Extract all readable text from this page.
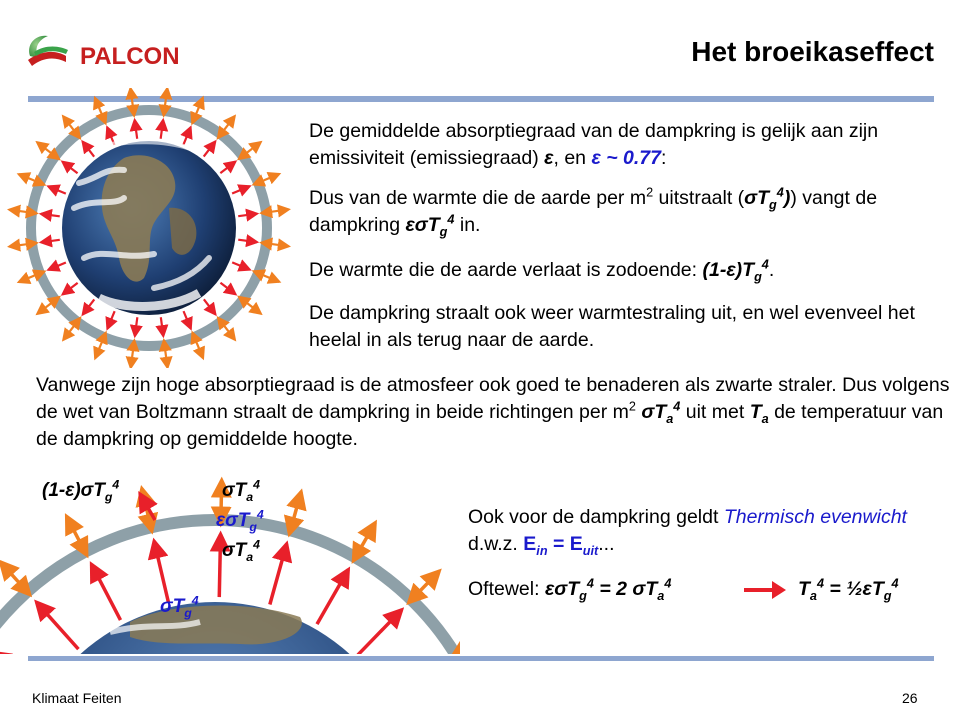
PALCON	Het broeikaseffect
De gemiddelde absorptiegraad van de dampkring is gelijk aan zijn emissiviteit (emissiegraad) ε, en ε ~ 0.77:
Dus van de warmte die de aarde per $m^2$ uitstraalt $(\sigma T_g^4)$) vangt de dampkring εσT$_g^4$ in.
De warmte die de aarde verlaat is zodoende: $(1-\varepsilon)T_g^4$.
De dampkring straalt ook weer warmtestraling uit, en wel evenveel het heelal in als terug naar de aarde.
Vanwege zijn hoge absorptiegraad is de atmosfeer ook goed te benaderen als zwarte straler. Dus volgens de wet van Boltzmann straalt de dampkring in beide richtingen per $m^2$ $\sigma T_a^4$ uit met $T_a$ de temperatuur van de dampkring op gemiddelde hoogte.
$(1-\varepsilon)\sigma T_g^4$	$\sigma T_a^4$
εσT$_g^4$
$\sigma T_a^4$
$\sigma T_g^4$
Ook voor de dampkring geldt Thermisch evenwicht d.w.z. $E_{in} = E_{uit}$...
Oftewel: εσT$_g^4$ = 2 $\sigma T_a^4$	$T_a^4$ = $\frac{1}{2}\varepsilon T_g^4$
Klimaat Feiten	26
